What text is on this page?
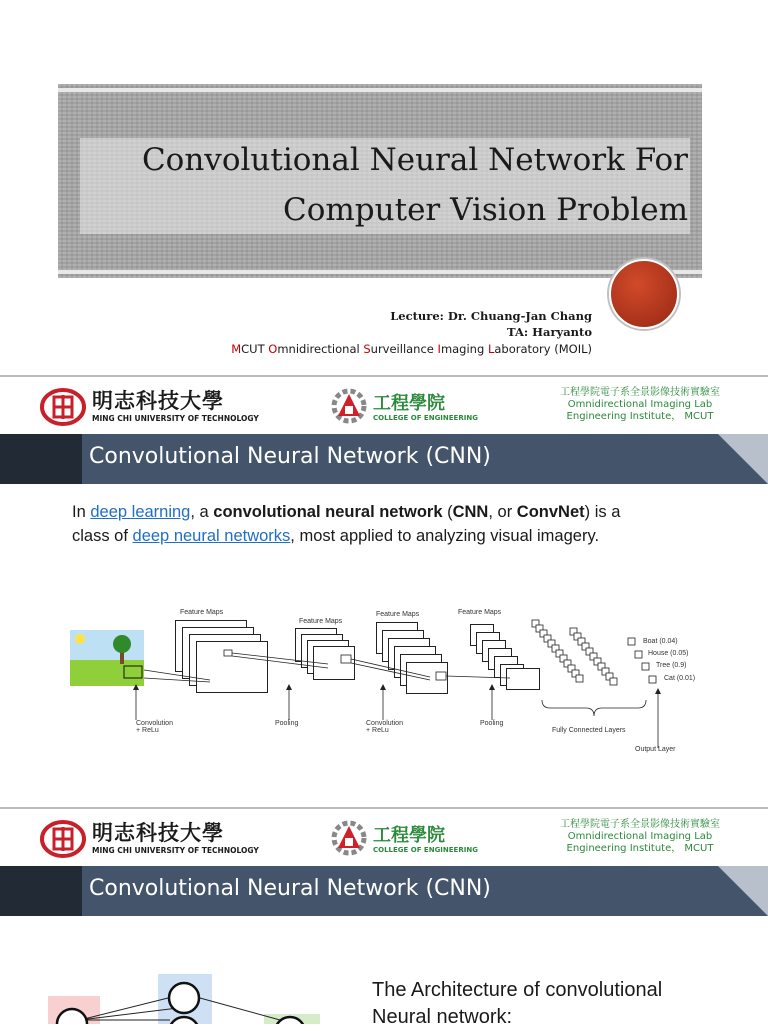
Convolutional Neural Network For
Computer Vision Problem
Lecture: Dr. Chuang-Jan Chang
TA: Haryanto
MCUT Omnidirectional Surveillance Imaging Laboratory (MOIL)
明志科技大學
MING CHI UNIVERSITY OF TECHNOLOGY
工程學院
COLLEGE OF ENGINEERING
工程學院電子系全景影像技術實驗室
Omnidirectional Imaging Lab
Engineering Institute， MCUT
Convolutional Neural Network (CNN)
In deep learning, a convolutional neural network (CNN, or ConvNet) is a
class of deep neural networks, most applied to analyzing visual imagery.
Feature Maps
Feature Maps
Feature Maps	Feature Maps
Convolution
+ ReLu
Pooling	Convolution
+ ReLu
Pooling
Fully Connected Layers
Output Layer
Boat (0.04)
House (0.05)
Tree (0.9)
Cat (0.01)
明志科技大學
MING CHI UNIVERSITY OF TECHNOLOGY
工程學院
COLLEGE OF ENGINEERING
工程學院電子系全景影像技術實驗室
Omnidirectional Imaging Lab
Engineering Institute， MCUT
Convolutional Neural Network (CNN)
The Architecture of convolutional
Neural network:
